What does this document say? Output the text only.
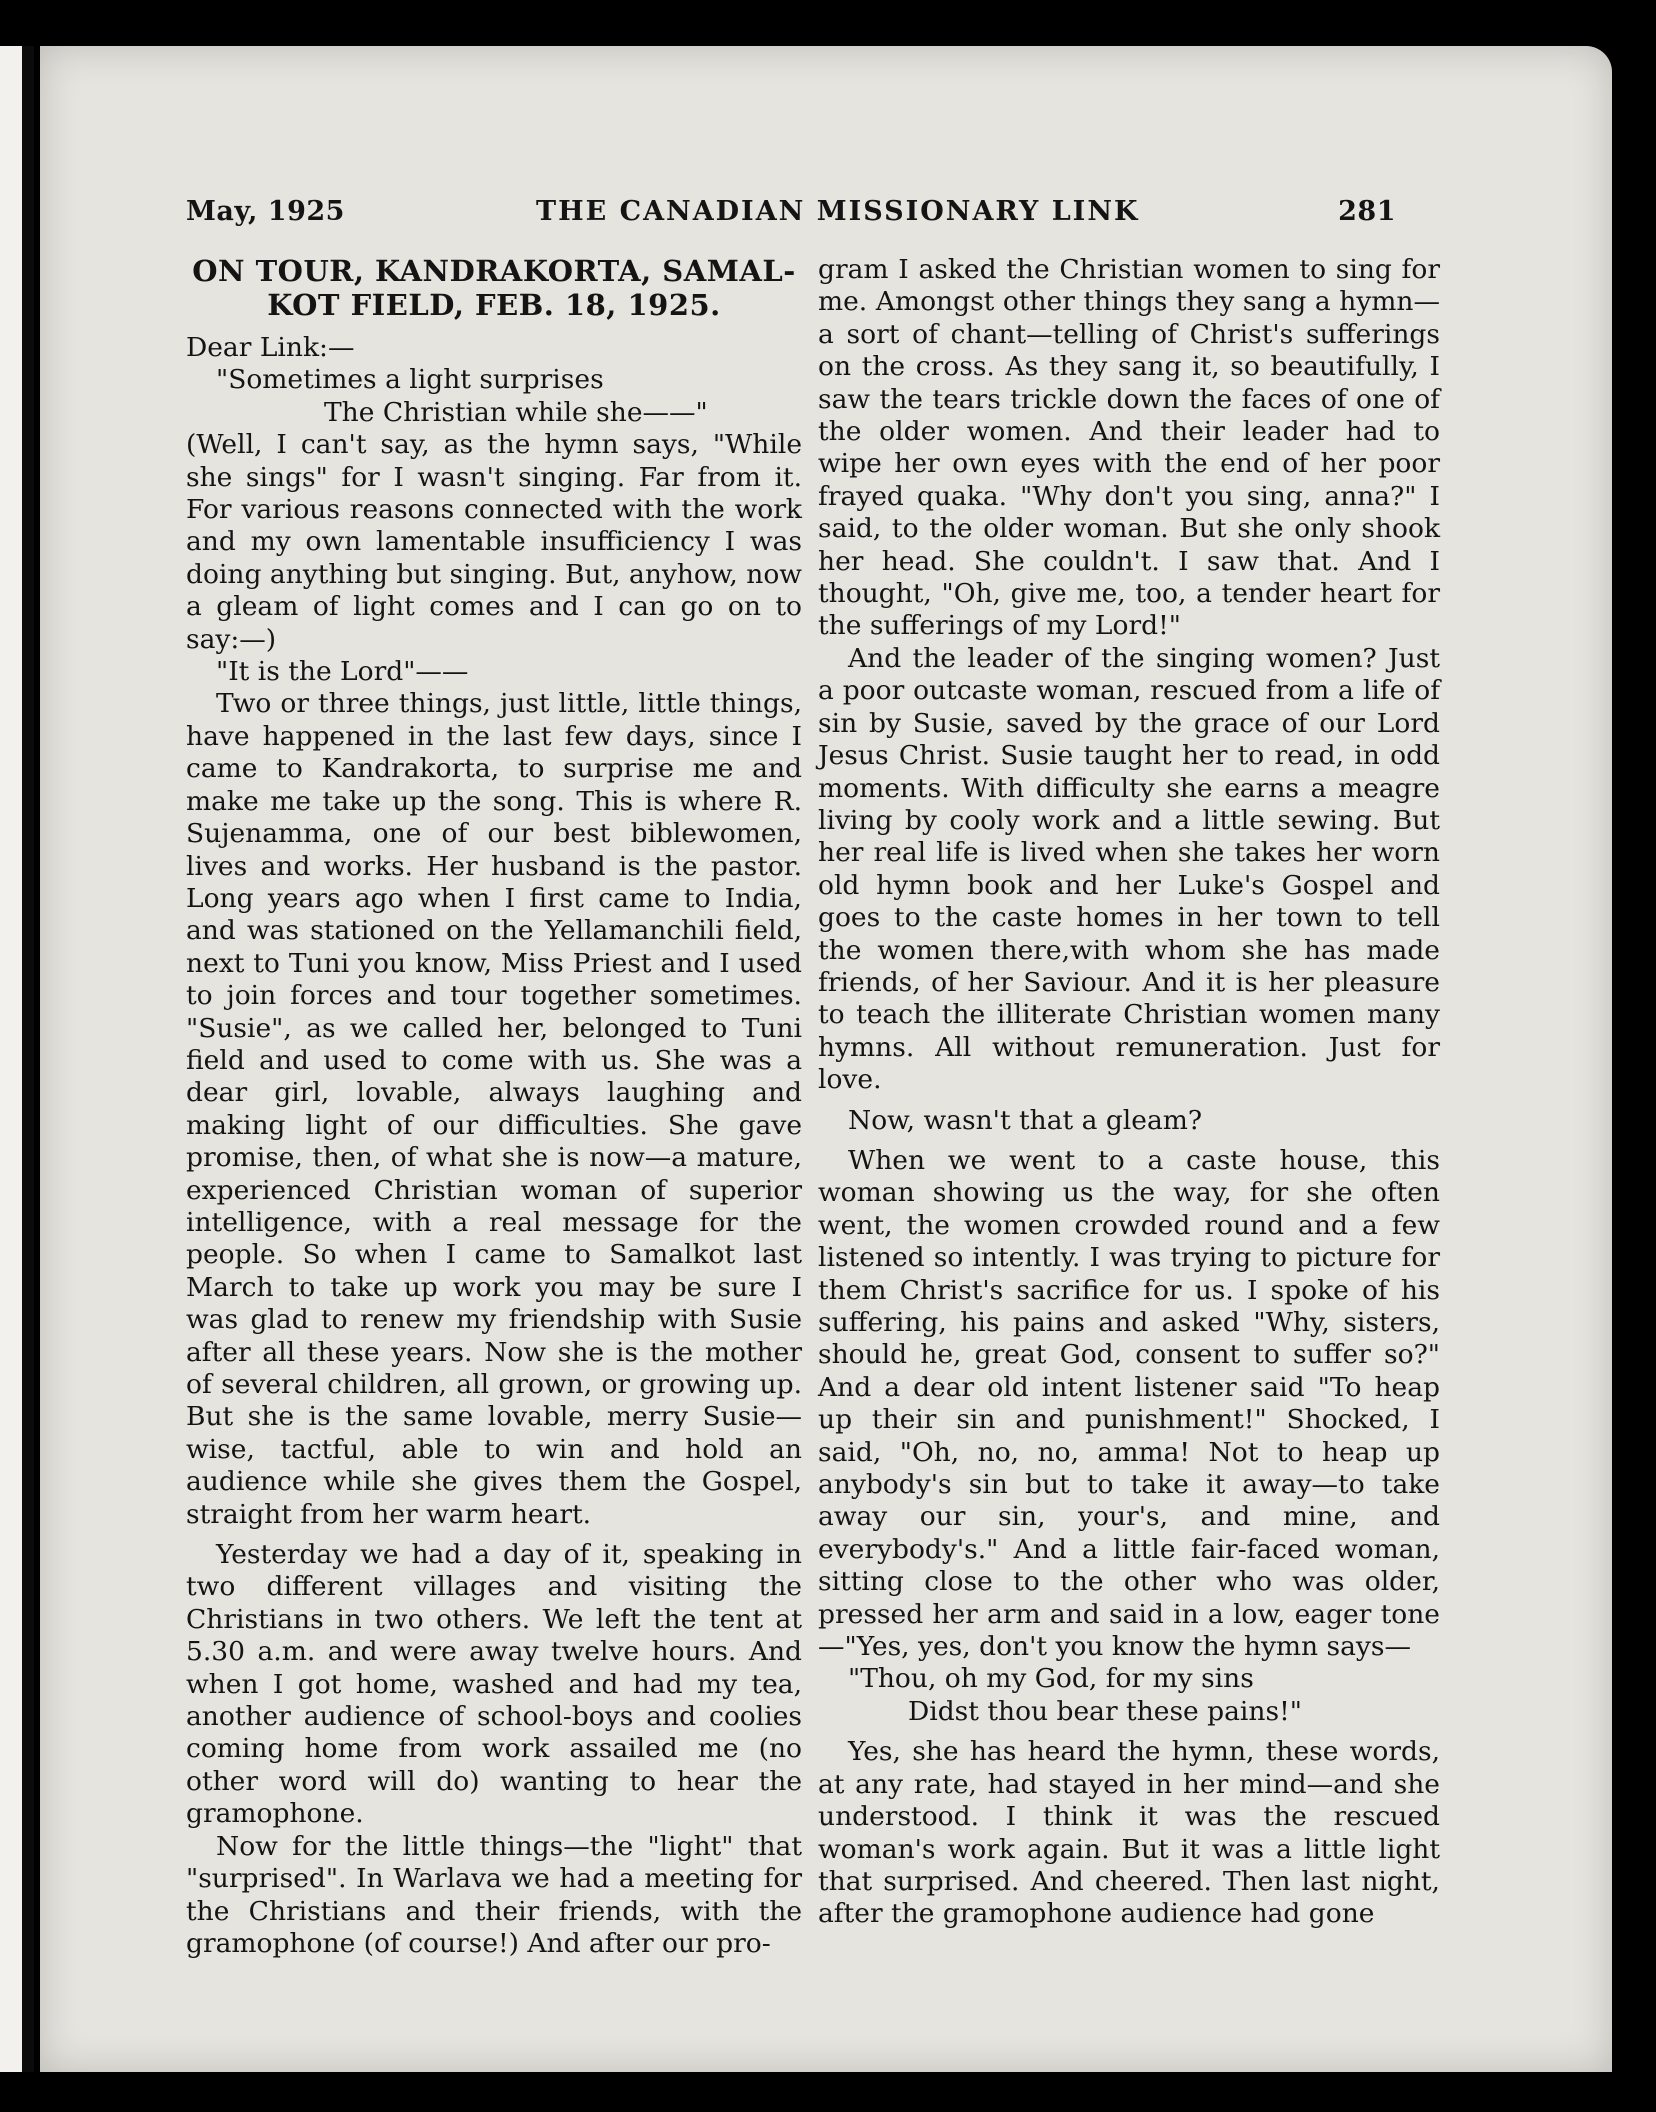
May, 1925	THE CANADIAN MISSIONARY LINK	281
ON TOUR, KANDRAKORTA, SAMAL-
KOT FIELD, FEB. 18, 1925.

Dear Link:—

"Sometimes a light surprises

The Christian while she——"

(Well, I can't say, as the hymn says, "While she sings" for I wasn't singing. Far from it. For various reasons connected with the work and my own lamentable insufficiency I was doing anything but singing. But, anyhow, now a gleam of light comes and I can go on to say:—)

"It is the Lord"——

Two or three things, just little, little things, have happened in the last few days, since I came to Kandrakorta, to surprise me and make me take up the song. This is where R. Sujenamma, one of our best biblewomen, lives and works. Her husband is the pastor. Long years ago when I first came to India, and was stationed on the Yellamanchili field, next to Tuni you know, Miss Priest and I used to join forces and tour together sometimes. "Susie", as we called her, belonged to Tuni field and used to come with us. She was a dear girl, lovable, always laughing and making light of our difficulties. She gave promise, then, of what she is now—a mature, experienced Christian woman of superior intelligence, with a real message for the people. So when I came to Samalkot last March to take up work you may be sure I was glad to renew my friendship with Susie after all these years. Now she is the mother of several children, all grown, or growing up. But she is the same lovable, merry Susie—wise, tactful, able to win and hold an audience while she gives them the Gospel, straight from her warm heart.

Yesterday we had a day of it, speaking in two different villages and visiting the Christians in two others. We left the tent at 5.30 a.m. and were away twelve hours. And when I got home, washed and had my tea, another audience of school-boys and coolies coming home from work assailed me (no other word will do) wanting to hear the gramophone.

Now for the little things—the "light" that "surprised". In Warlava we had a meeting for the Christians and their friends, with the gramophone (of course!) And after our pro-

gram I asked the Christian women to sing for me. Amongst other things they sang a hymn—a sort of chant—telling of Christ's sufferings on the cross. As they sang it, so beautifully, I saw the tears trickle down the faces of one of the older women. And their leader had to wipe her own eyes with the end of her poor frayed quaka. "Why don't you sing, anna?" I said, to the older woman. But she only shook her head. She couldn't. I saw that. And I thought, "Oh, give me, too, a tender heart for the sufferings of my Lord!"

And the leader of the singing women? Just a poor outcaste woman, rescued from a life of sin by Susie, saved by the grace of our Lord Jesus Christ. Susie taught her to read, in odd moments. With difficulty she earns a meagre living by cooly work and a little sewing. But her real life is lived when she takes her worn old hymn book and her Luke's Gospel and goes to the caste homes in her town to tell the women there,with whom she has made friends, of her Saviour. And it is her pleasure to teach the illiterate Christian women many hymns. All without remuneration. Just for love.

Now, wasn't that a gleam?

When we went to a caste house, this woman showing us the way, for she often went, the women crowded round and a few listened so intently. I was trying to picture for them Christ's sacrifice for us. I spoke of his suffering, his pains and asked "Why, sisters, should he, great God, consent to suffer so?" And a dear old intent listener said "To heap up their sin and punishment!" Shocked, I said, "Oh, no, no, amma! Not to heap up anybody's sin but to take it away—to take away our sin, your's, and mine, and everybody's." And a little fair-faced woman, sitting close to the other who was older, pressed her arm and said in a low, eager tone—"Yes, yes, don't you know the hymn says—

"Thou, oh my God, for my sins

Didst thou bear these pains!"

Yes, she has heard the hymn, these words, at any rate, had stayed in her mind—and she understood. I think it was the rescued woman's work again. But it was a little light that surprised. And cheered. Then last night, after the gramophone audience had gone
